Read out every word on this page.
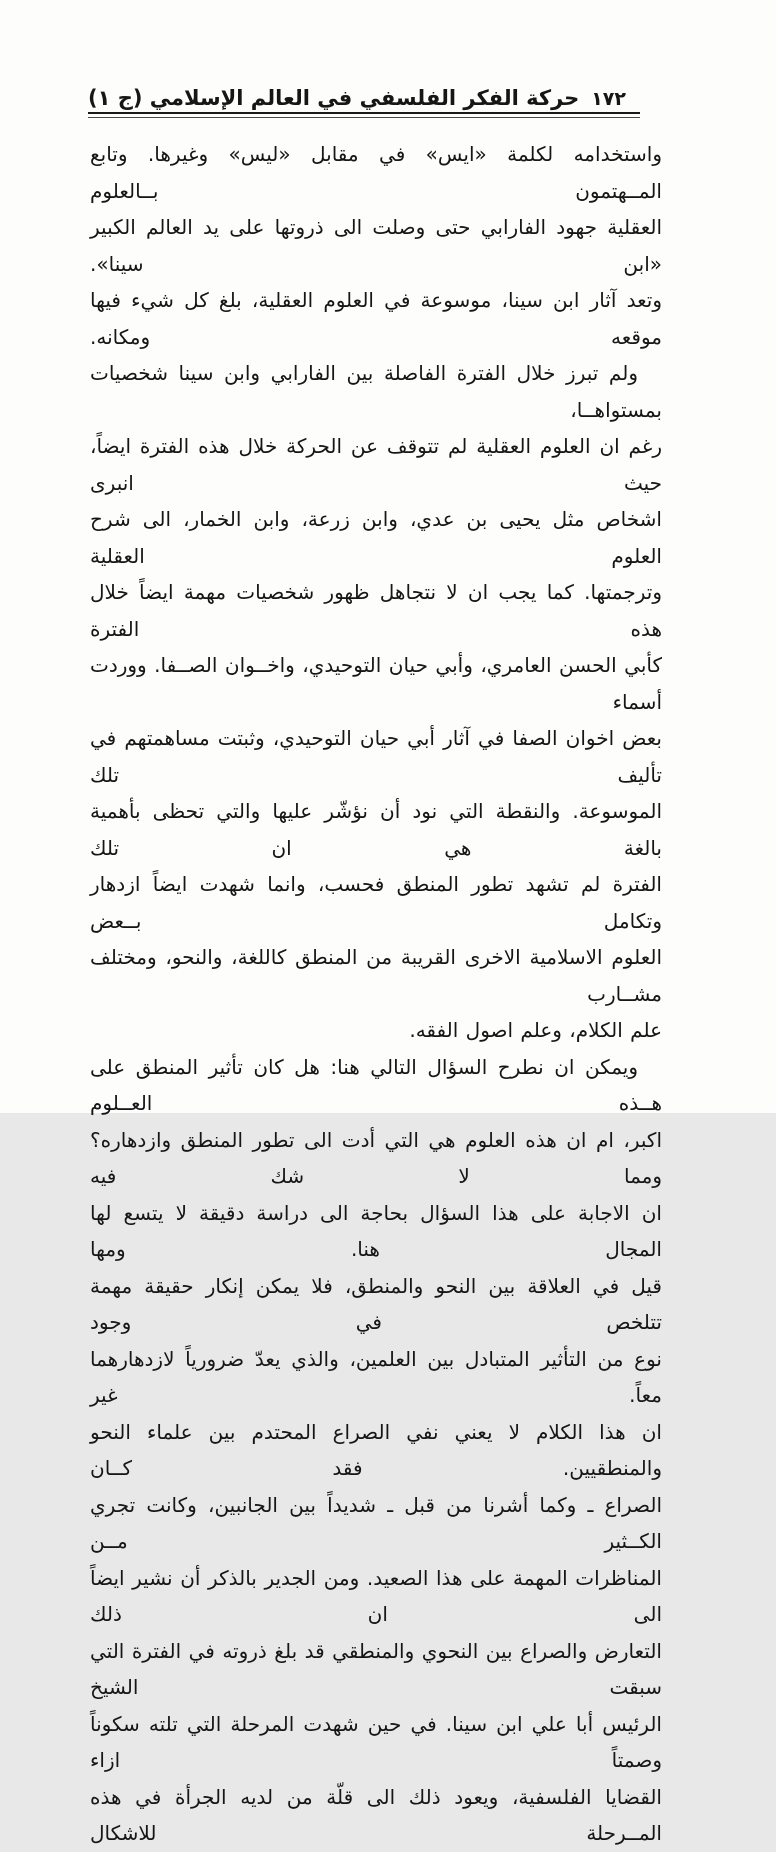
حركة الفكر الفلسفي في العالم الإسلامي (ج ١) ١٧٢
واستخدامه لكلمة «ايس» في مقابل «ليس» وغيرها. وتابع المــهتمون بــالعلوم
العقلية جهود الفارابي حتى وصلت الى ذروتها على يد العالم الكبير «ابن سينا».
وتعد آثار ابن سينا، موسوعة في العلوم العقلية، بلغ كل شيء فيها موقعه ومكانه.
ولم تبرز خلال الفترة الفاصلة بين الفارابي وابن سينا شخصيات بمستواهــا،
رغم ان العلوم العقلية لم تتوقف عن الحركة خلال هذه الفترة ايضاً، حيث انبرى
اشخاص مثل يحيى بن عدي، وابن زرعة، وابن الخمار، الى شرح العلوم العقلية
وترجمتها. كما يجب ان لا نتجاهل ظهور شخصيات مهمة ايضاً خلال هذه الفترة
كأبي الحسن العامري، وأبي حيان التوحيدي، واخــوان الصــفا. ووردت أسماء
بعض اخوان الصفا في آثار أبي حيان التوحيدي، وثبتت مساهمتهم في تأليف تلك
الموسوعة. والنقطة التي نود أن نؤشّر عليها والتي تحظى بأهمية بالغة هي ان تلك
الفترة لم تشهد تطور المنطق فحسب، وانما شهدت ايضاً ازدهار وتكامل بــعض
العلوم الاسلامية الاخرى القريبة من المنطق كاللغة، والنحو، ومختلف مشــارب
علم الكلام، وعلم اصول الفقه.
ويمكن ان نطرح السؤال التالي هنا: هل كان تأثير المنطق على هــذه العــلوم
اكبر، ام ان هذه العلوم هي التي أدت الى تطور المنطق وازدهاره؟ ومما لا شك فيه
ان الاجابة على هذا السؤال بحاجة الى دراسة دقيقة لا يتسع لها المجال هنا. ومها
قيل في العلاقة بين النحو والمنطق، فلا يمكن إنكار حقيقة مهمة تتلخص في وجود
نوع من التأثير المتبادل بين العلمين، والذي يعدّ ضرورياً لازدهارهما معاً. غير
ان هذا الكلام لا يعني نفي الصراع المحتدم بين علماء النحو والمنطقيين. فقد كــان
الصراع ـ وكما أشرنا من قبل ـ شديداً بين الجانبين، وكانت تجري الكــثير مــن
المناظرات المهمة على هذا الصعيد. ومن الجدير بالذكر أن نشير ايضاً الى ان ذلك
التعارض والصراع بين النحوي والمنطقي قد بلغ ذروته في الفترة التي سبقت الشيخ
الرئيس أبا علي ابن سينا. في حين شهدت المرحلة التي تلته سكوناً وصمتاً ازاء
القضايا الفلسفية، ويعود ذلك الى قلّة من لديه الجرأة في هذه المــرحلة للاشكال
